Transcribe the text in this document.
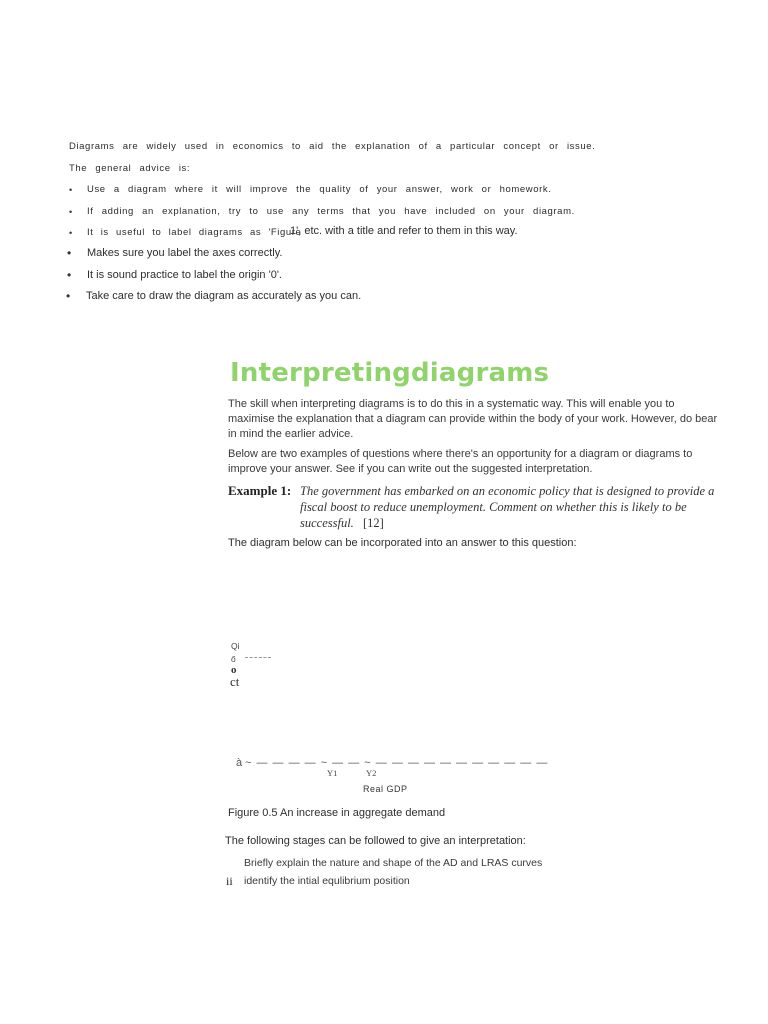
Diagrams are widely used in economics to aid the explanation of a particular concept or issue.
The general advice is:
• Use a diagram where it will improve the quality of your answer, work or homework.
• If adding an explanation, try to use any terms that you have included on your diagram.
• It is useful to label diagrams as 'Figure
1', etc. with a title and refer to them in this way.
• Makes sure you label the axes correctly.
• It is sound practice to label the origin '0'.
• Take care to draw the diagram as accurately as you can.
Interpretingdiagrams
The skill when interpreting diagrams is to do this in a systematic way. This will enable you to maximise the explanation that a diagram can provide within the body of your work. However, do bear in mind the earlier advice.
Below are two examples of questions where there's an opportunity for a diagram or diagrams to improve your answer. See if you can write out the suggested interpretation.
Example 1: The government has embarked on an economic policy that is designed to provide a fiscal boost to reduce unemployment. Comment on whether this is likely to be successful. [12]
The diagram below can be incorporated into an answer to this question:
Qi
ő
o
ct
à ~ — — — — ~ — — ~ — — — — — — — — — — —
Y1	Y2
Real GDP
Figure 0.5 An increase in aggregate demand
The following stages can be followed to give an interpretation:
Briefly explain the nature and shape of the AD and LRAS curves
ii identify the intial equlibrium position
